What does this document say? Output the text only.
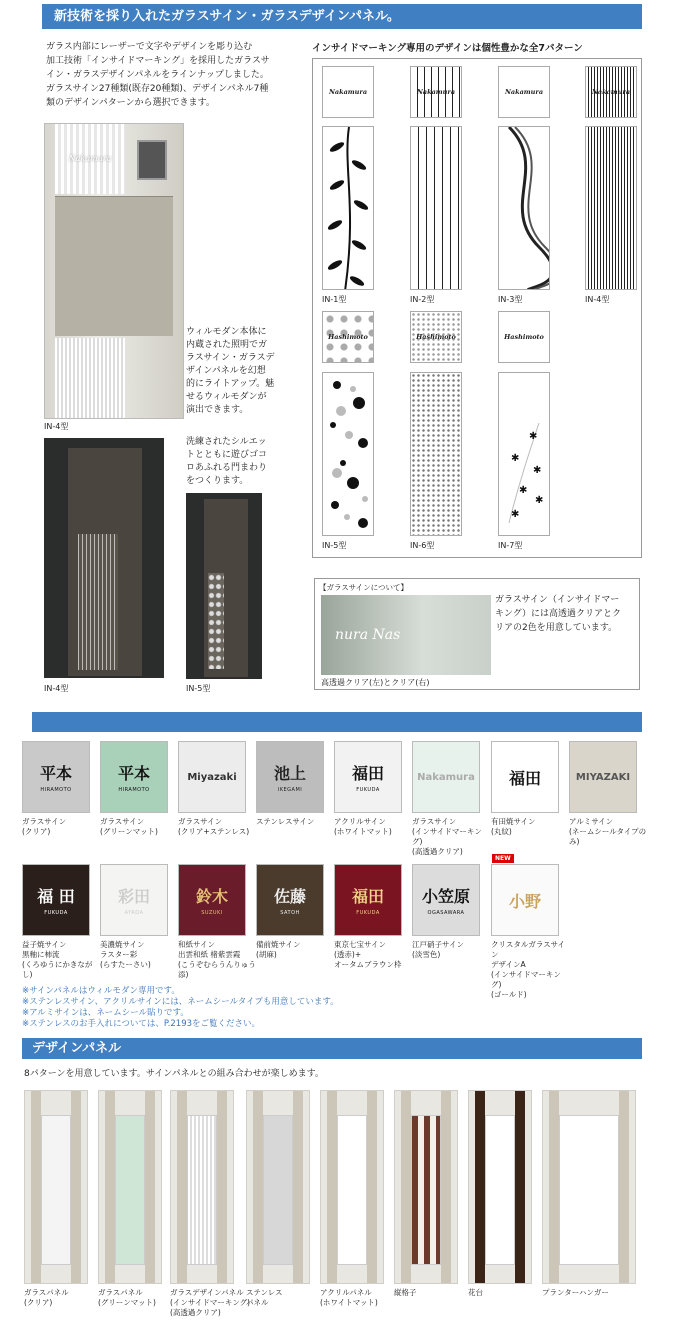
新技術を採り入れたガラスサイン・ガラスデザインパネル。
ガラス内部にレーザーで文字やデザインを彫り込む
加工技術「インサイドマーキング」を採用したガラスサ
イン・ガラスデザインパネルをラインナップしました。
ガラスサイン27種類(既存20種類)、デザインパネル7種
類のデザインパターンから選択できます。
Nakamura
IN-4型
ウィルモダン本体に
内蔵された照明でガ
ラスサイン・ガラスデ
ザインパネルを幻想
的にライトアップ。魅
せるウィルモダンが
演出できます。
IN-4型
洗練されたシルエッ
トとともに遊びゴコ
ロあふれる門まわり
をつくります。
IN-5型
インサイドマーキング専用のデザインは個性豊かな全7パターン
Nakamura	Nakamura	Nakamura	Nakamura
IN-1型	IN-2型	IN-3型	IN-4型
Hashimoto	Hashimoto	Hashimoto
✱
✱
✱
✱
✱
✱
IN-5型	IN-6型	IN-7型
【ガラスサインについて】
nura Nas
ガラスサイン（インサイドマー
キング）には高透過クリアとク
リアの2色を用意しています。
高透過クリア(左)とクリア(右)
平本
HIRAMOTO
ガラスサイン
(クリア)
平本
HIRAMOTO
ガラスサイン
(グリーンマット)
Miyazaki
ガラスサイン
(クリア+ステンレス)
池上
IKEGAMI
ステンレスサイン
福田
FUKUDA
アクリルサイン
(ホワイトマット)
Nakamura
ガラスサイン
(インサイドマーキング)
(高透過クリア)
福田
有田焼サイン
(丸紋)
MIYAZAKI
アルミサイン
(ネームシールタイプのみ)
福 田
FUKUDA
益子焼サイン
黒釉に柿流
(くろゆうにかきながし)
彩田
AYADA
美濃焼サイン
ラスター彩
(らすたーさい)
鈴木
SUZUKI
和紙サイン
出雲和紙 楮紫雲霞
(こうぞむらうんりゅう添)
佐藤
SATOH
備前焼サイン
(胡麻)
福田
FUKUDA
東京七宝サイン
(透赤)+
オータムブラウン枠
小笠原
OGASAWARA
江戸硝子サイン
(淡雪色)
小野
クリスタルガラスサイン
デザインA
(インサイドマーキング)
(ゴールド)
NEW
※サインパネルはウィルモダン専用です。
※ステンレスサイン、アクリルサインには、ネームシールタイプも用意しています。
※アルミサインは、ネームシール貼りです。
※ステンレスのお手入れについては、P.2193をご覧ください。
デザインパネル
8パターンを用意しています。サインパネルとの組み合わせが楽しめます。
ガラスパネル
(クリア)
ガラスパネル
(グリーンマット)
ガラスデザインパネル
(インサイドマーキング)
(高透過クリア)
ステンレス
パネル
アクリルパネル
(ホワイトマット)
縦格子	花台	プランターハンガー
